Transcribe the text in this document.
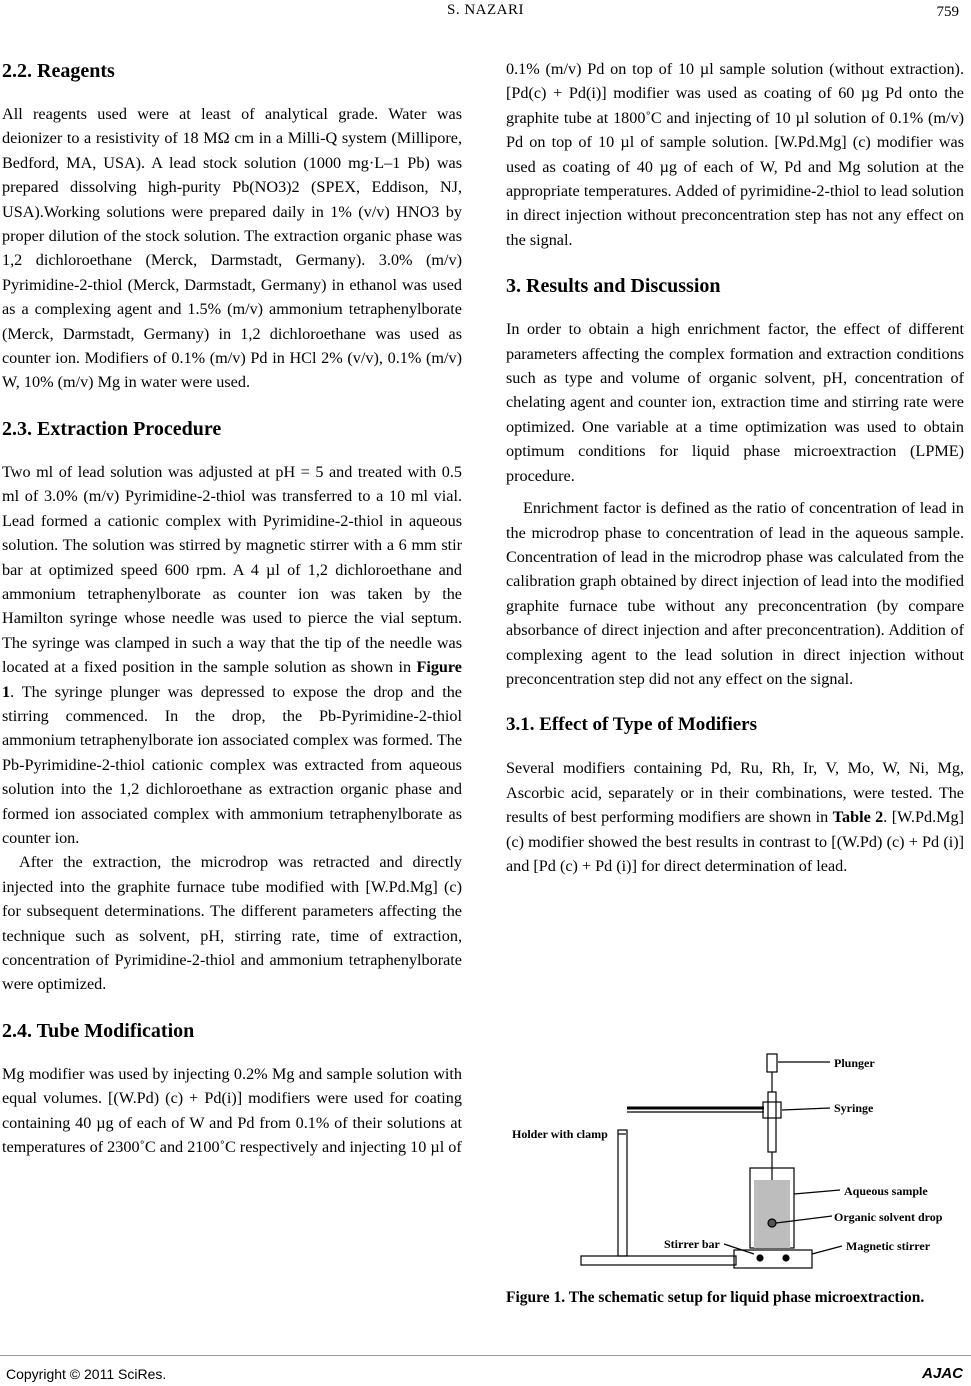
S. NAZARI	759
2.2. Reagents

All reagents used were at least of analytical grade. Water was deionizer to a resistivity of 18 MΩ cm in a Milli-Q system (Millipore, Bedford, MA, USA). A lead stock solution (1000 mg·L–1 Pb) was prepared dissolving high-purity Pb(NO3)2 (SPEX, Eddison, NJ, USA).Working solutions were prepared daily in 1% (v/v) HNO3 by proper dilution of the stock solution. The extraction organic phase was 1,2 dichloroethane (Merck, Darmstadt, Germany). 3.0% (m/v) Pyrimidine-2-thiol (Merck, Darmstadt, Germany) in ethanol was used as a complexing agent and 1.5% (m/v) ammonium tetraphenylborate (Merck, Darmstadt, Germany) in 1,2 dichloroethane was used as counter ion. Modifiers of 0.1% (m/v) Pd in HCl 2% (v/v), 0.1% (m/v) W, 10% (m/v) Mg in water were used.

2.3. Extraction Procedure

Two ml of lead solution was adjusted at pH = 5 and treated with 0.5 ml of 3.0% (m/v) Pyrimidine-2-thiol was transferred to a 10 ml vial. Lead formed a cationic complex with Pyrimidine-2-thiol in aqueous solution. The solution was stirred by magnetic stirrer with a 6 mm stir bar at optimized speed 600 rpm. A 4 µl of 1,2 dichloroethane and ammonium tetraphenylborate as counter ion was taken by the Hamilton syringe whose needle was used to pierce the vial septum. The syringe was clamped in such a way that the tip of the needle was located at a fixed position in the sample solution as shown in Figure 1. The syringe plunger was depressed to expose the drop and the stirring commenced. In the drop, the Pb-Pyrimidine-2-thiol ammonium tetraphenylborate ion associated complex was formed. The Pb-Pyrimidine-2-thiol cationic complex was extracted from aqueous solution into the 1,2 dichloroethane as extraction organic phase and formed ion associated complex with ammonium tetraphenylborate as counter ion.

After the extraction, the microdrop was retracted and directly injected into the graphite furnace tube modified with [W.Pd.Mg] (c) for subsequent determinations. The different parameters affecting the technique such as solvent, pH, stirring rate, time of extraction, concentration of Pyrimidine-2-thiol and ammonium tetraphenylborate were optimized.

2.4. Tube Modification

Mg modifier was used by injecting 0.2% Mg and sample solution with equal volumes. [(W.Pd) (c) + Pd(i)] modifiers were used for coating containing 40 µg of each of W and Pd from 0.1% of their solutions at temperatures of 2300˚C and 2100˚C respectively and injecting 10 µl of

0.1% (m/v) Pd on top of 10 µl sample solution (without extraction). [Pd(c) + Pd(i)] modifier was used as coating of 60 µg Pd onto the graphite tube at 1800˚C and injecting of 10 µl solution of 0.1% (m/v) Pd on top of 10 µl of sample solution. [W.Pd.Mg] (c) modifier was used as coating of 40 µg of each of W, Pd and Mg solution at the appropriate temperatures. Added of pyrimidine-2-thiol to lead solution in direct injection without preconcentration step has not any effect on the signal.

3. Results and Discussion

In order to obtain a high enrichment factor, the effect of different parameters affecting the complex formation and extraction conditions such as type and volume of organic solvent, pH, concentration of chelating agent and counter ion, extraction time and stirring rate were optimized. One variable at a time optimization was used to obtain optimum conditions for liquid phase microextraction (LPME) procedure.

Enrichment factor is defined as the ratio of concentration of lead in the microdrop phase to concentration of lead in the aqueous sample. Concentration of lead in the microdrop phase was calculated from the calibration graph obtained by direct injection of lead into the modified graphite furnace tube without any preconcentration (by compare absorbance of direct injection and after preconcentration). Addition of complexing agent to the lead solution in direct injection without preconcentration step did not any effect on the signal.

3.1. Effect of Type of Modifiers

Several modifiers containing Pd, Ru, Rh, Ir, V, Mo, W, Ni, Mg, Ascorbic acid, separately or in their combinations, were tested. The results of best performing modifiers are shown in Table 2. [W.Pd.Mg] (c) modifier showed the best results in contrast to [(W.Pd) (c) + Pd (i)] and [Pd (c) + Pd (i)] for direct determination of lead.

Plunger
Syringe
Holder with clamp
Aqueous sample
Organic solvent drop
Stirrer bar	Magnetic stirrer
Figure 1. The schematic setup for liquid phase microextraction.
Copyright © 2011 SciRes.	AJAC
